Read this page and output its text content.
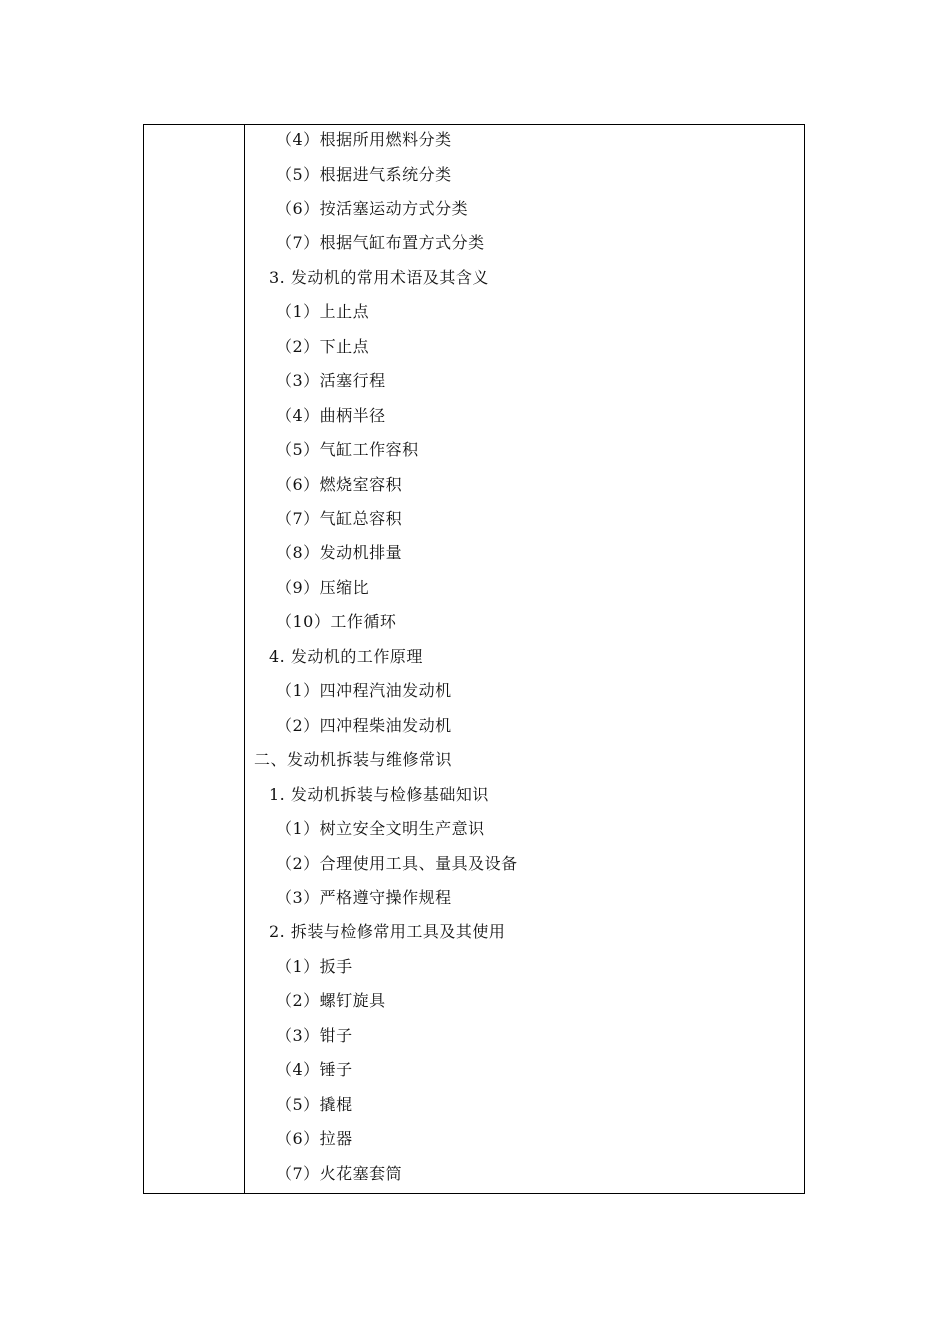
（4）根据所用燃料分类
（5）根据进气系统分类
（6）按活塞运动方式分类
（7）根据气缸布置方式分类
3. 发动机的常用术语及其含义
（1）上止点
（2）下止点
（3）活塞行程
（4）曲柄半径
（5）气缸工作容积
（6）燃烧室容积
（7）气缸总容积
（8）发动机排量
（9）压缩比
（10）工作循环
4. 发动机的工作原理
（1）四冲程汽油发动机
（2）四冲程柴油发动机
二、发动机拆装与维修常识
1. 发动机拆装与检修基础知识
（1）树立安全文明生产意识
（2）合理使用工具、量具及设备
（3）严格遵守操作规程
2. 拆装与检修常用工具及其使用
（1）扳手
（2）螺钉旋具
（3）钳子
（4）锤子
（5）撬棍
（6）拉器
（7）火花塞套筒
